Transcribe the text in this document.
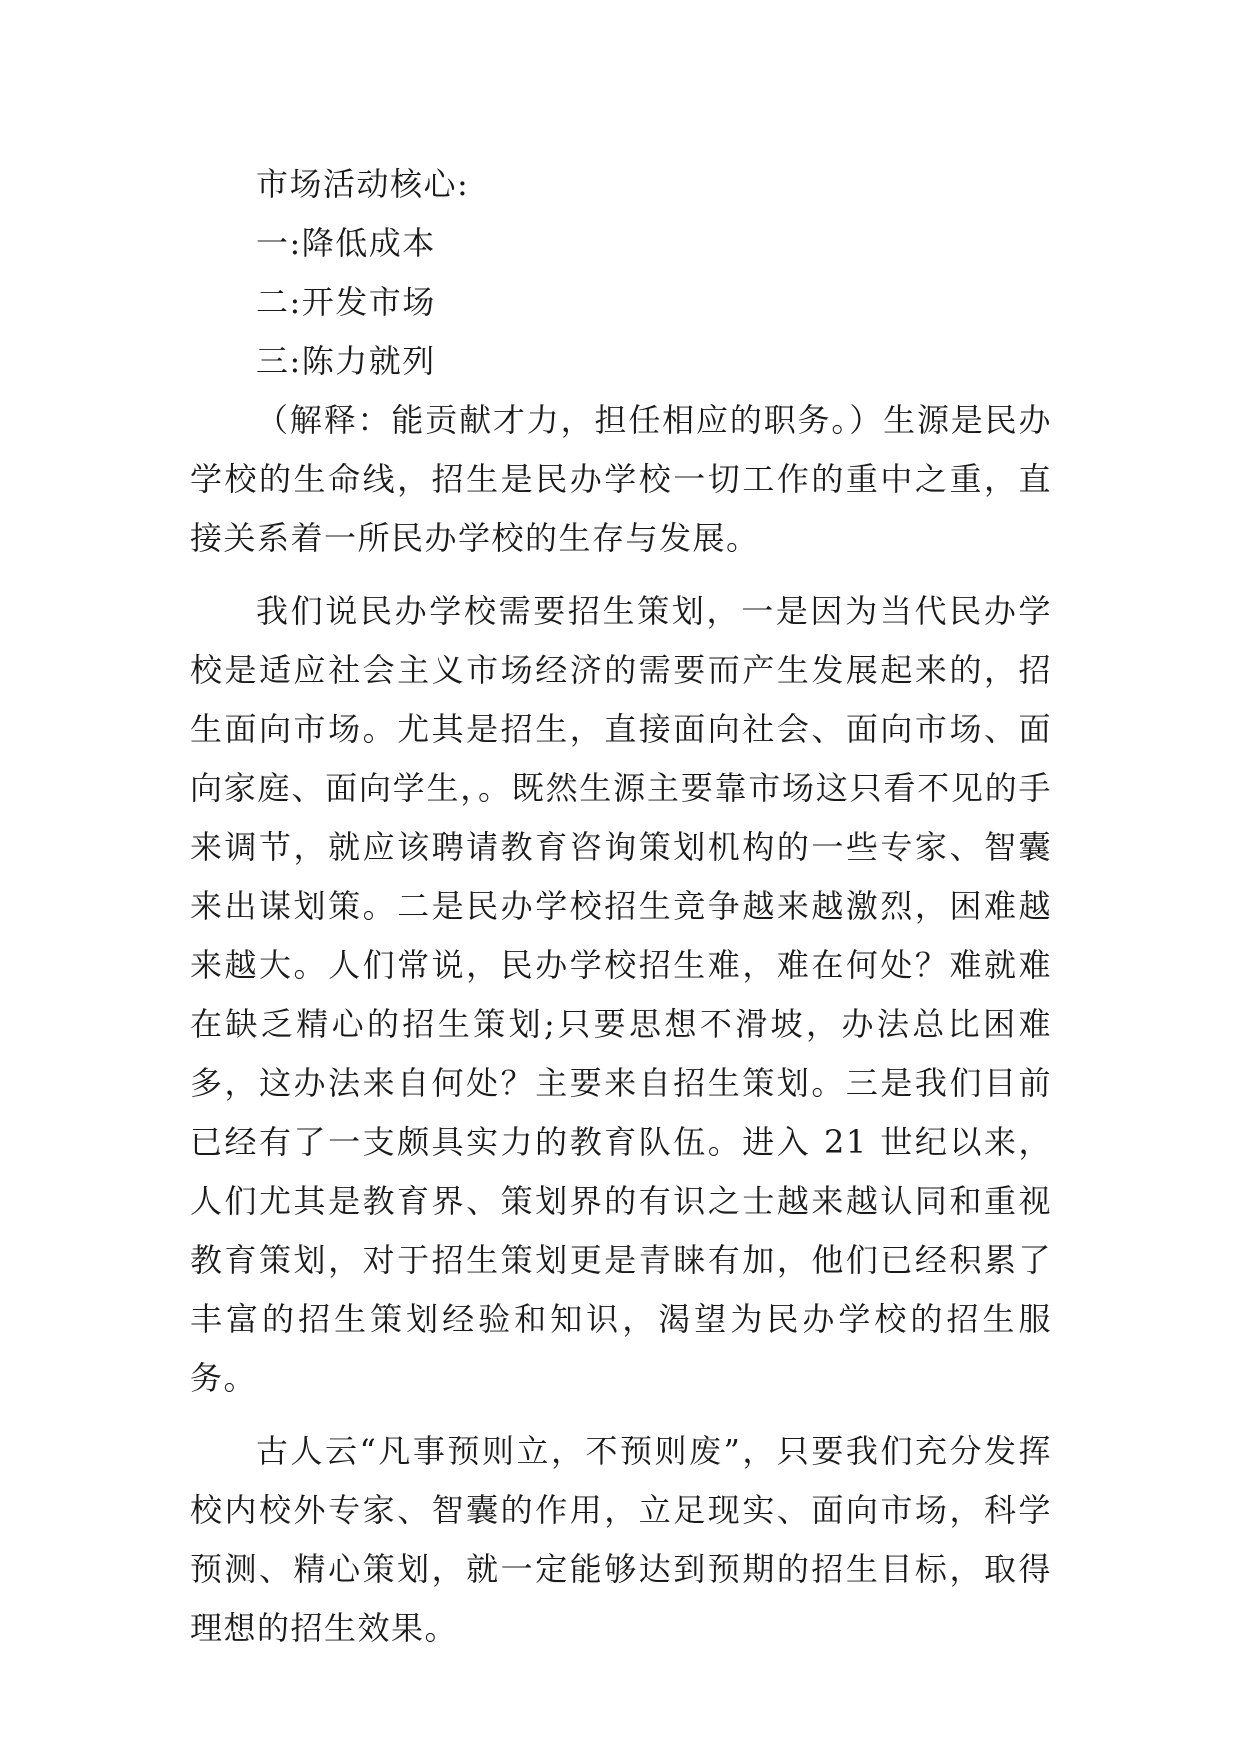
市场活动核心:

一:降低成本

二:开发市场

三:陈力就列

（解释：能贡献才力，担任相应的职务。）生源是民办学校的生命线，招生是民办学校一切工作的重中之重，直接关系着一所民办学校的生存与发展。

我们说民办学校需要招生策划，一是因为当代民办学校是适应社会主义市场经济的需要而产生发展起来的，招生面向市场。尤其是招生，直接面向社会、面向市场、面向家庭、面向学生，。既然生源主要靠市场这只看不见的手来调节，就应该聘请教育咨询策划机构的一些专家、智囊来出谋划策。二是民办学校招生竞争越来越激烈，困难越来越大。人们常说，民办学校招生难，难在何处？难就难在缺乏精心的招生策划;只要思想不滑坡，办法总比困难多，这办法来自何处？主要来自招生策划。三是我们目前已经有了一支颇具实力的教育队伍。进入 21 世纪以来，人们尤其是教育界、策划界的有识之士越来越认同和重视教育策划，对于招生策划更是青睐有加，他们已经积累了丰富的招生策划经验和知识，渴望为民办学校的招生服务。

古人云“凡事预则立，不预则废”，只要我们充分发挥校内校外专家、智囊的作用，立足现实、面向市场，科学预测、精心策划，就一定能够达到预期的招生目标，取得理想的招生效果。
